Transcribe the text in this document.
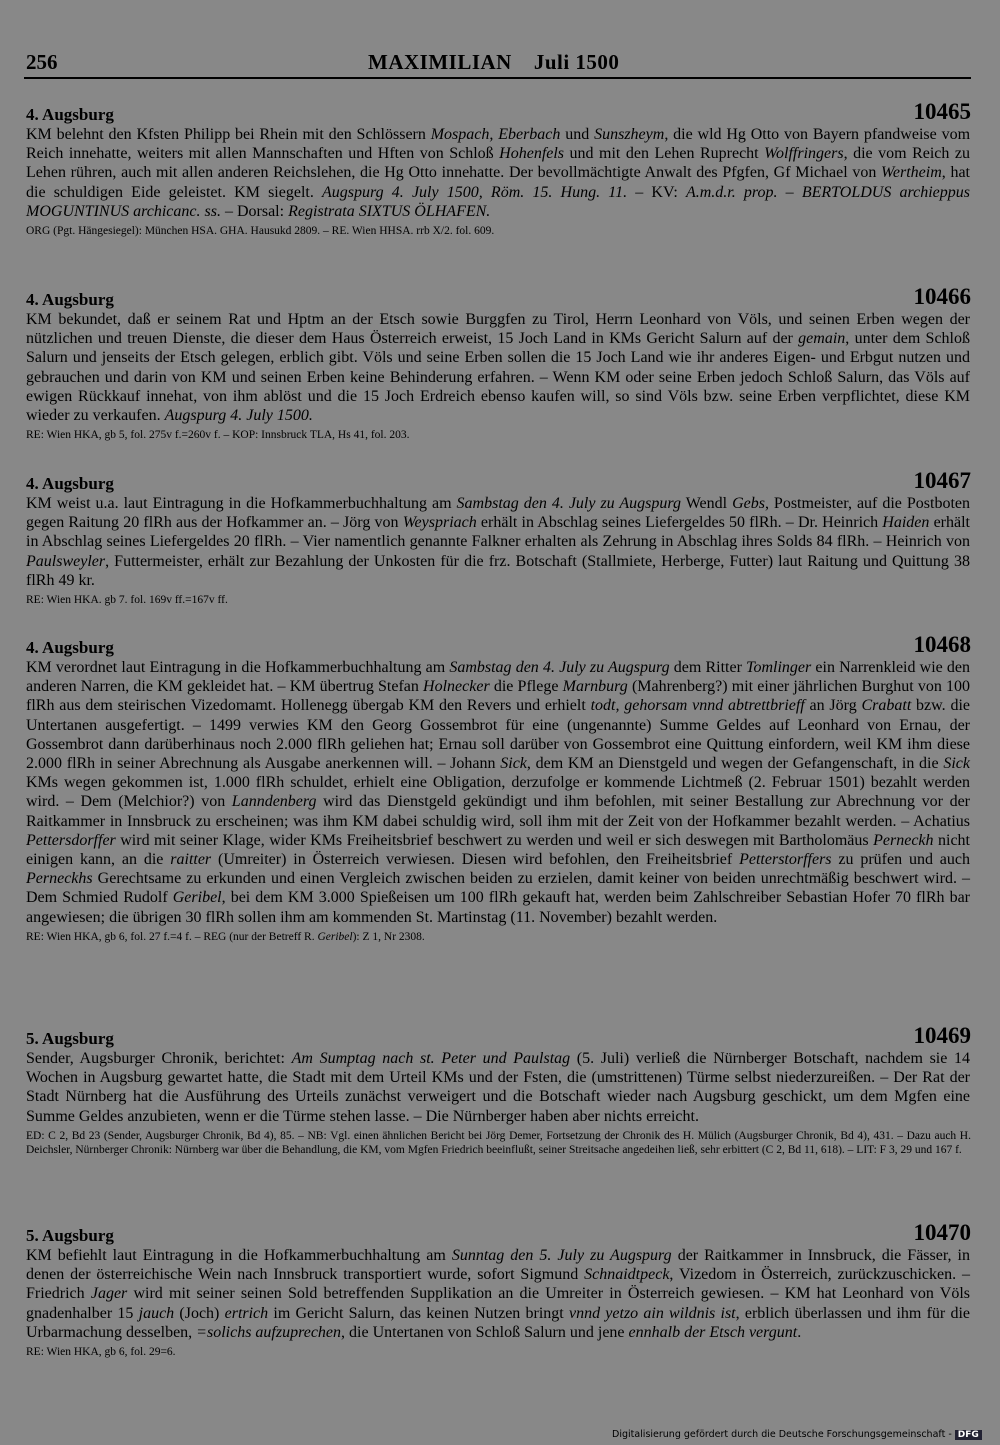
256	MAXIMILIAN Juli 1500
4. Augsburg	10465

KM belehnt den Kfsten Philipp bei Rhein mit den Schlössern Mospach, Eberbach und Sunszheym, die wld Hg Otto von Bayern pfandweise vom Reich innehatte, weiters mit allen Mannschaften und Hften von Schloß Hohenfels und mit den Lehen Ruprecht Wolffringers, die vom Reich zu Lehen rühren, auch mit allen anderen Reichslehen, die Hg Otto innehatte. Der bevollmächtigte Anwalt des Pfgfen, Gf Michael von Wertheim, hat die schuldigen Eide geleistet. KM siegelt. Augspurg 4. July 1500, Röm. 15. Hung. 11. – KV: A.m.d.r. prop. – BERTOLDUS archieppus MOGUNTINUS archicanc. ss. – Dorsal: Registrata SIXTUS ÖLHAFEN.

ORG (Pgt. Hängesiegel): München HSA. GHA. Hausukd 2809. – RE. Wien HHSA. rrb X/2. fol. 609.
4. Augsburg	10466

KM bekundet, daß er seinem Rat und Hptm an der Etsch sowie Burggfen zu Tirol, Herrn Leonhard von Völs, und seinen Erben wegen der nützlichen und treuen Dienste, die dieser dem Haus Österreich erweist, 15 Joch Land in KMs Gericht Salurn auf der gemain, unter dem Schloß Salurn und jenseits der Etsch gelegen, erblich gibt. Völs und seine Erben sollen die 15 Joch Land wie ihr anderes Eigen- und Erbgut nutzen und gebrauchen und darin von KM und seinen Erben keine Behinderung erfahren. – Wenn KM oder seine Erben jedoch Schloß Salurn, das Völs auf ewigen Rückkauf innehat, von ihm ablöst und die 15 Joch Erdreich ebenso kaufen will, so sind Völs bzw. seine Erben verpflichtet, diese KM wieder zu verkaufen. Augspurg 4. July 1500.

RE: Wien HKA, gb 5, fol. 275v f.=260v f. – KOP: Innsbruck TLA, Hs 41, fol. 203.
4. Augsburg	10467

KM weist u.a. laut Eintragung in die Hofkammerbuchhaltung am Sambstag den 4. July zu Augspurg Wendl Gebs, Postmeister, auf die Postboten gegen Raitung 20 flRh aus der Hofkammer an. – Jörg von Weyspriach erhält in Abschlag seines Liefergeldes 50 flRh. – Dr. Heinrich Haiden erhält in Abschlag seines Liefergeldes 20 flRh. – Vier namentlich genannte Falkner erhalten als Zehrung in Abschlag ihres Solds 84 flRh. – Heinrich von Paulsweyler, Futtermeister, erhält zur Bezahlung der Unkosten für die frz. Botschaft (Stallmiete, Herberge, Futter) laut Raitung und Quittung 38 flRh 49 kr.

RE: Wien HKA. gb 7. fol. 169v ff.=167v ff.
4. Augsburg	10468

KM verordnet laut Eintragung in die Hofkammerbuchhaltung am Sambstag den 4. July zu Augspurg dem Ritter Tomlinger ein Narrenkleid wie den anderen Narren, die KM gekleidet hat. – KM übertrug Stefan Holnecker die Pflege Marnburg (Mahrenberg?) mit einer jährlichen Burghut von 100 flRh aus dem steirischen Vizedomamt. Hollenegg übergab KM den Revers und erhielt todt, gehorsam vnnd abtrettbrieff an Jörg Crabatt bzw. die Untertanen ausgefertigt. – 1499 verwies KM den Georg Gossembrot für eine (ungenannte) Summe Geldes auf Leonhard von Ernau, der Gossembrot dann darüberhinaus noch 2.000 flRh geliehen hat; Ernau soll darüber von Gossembrot eine Quittung einfordern, weil KM ihm diese 2.000 flRh in seiner Abrechnung als Ausgabe anerkennen will. – Johann Sick, dem KM an Dienstgeld und wegen der Gefangenschaft, in die Sick KMs wegen gekommen ist, 1.000 flRh schuldet, erhielt eine Obligation, derzufolge er kommende Lichtmeß (2. Februar 1501) bezahlt werden wird. – Dem (Melchior?) von Lanndenberg wird das Dienstgeld gekündigt und ihm befohlen, mit seiner Bestallung zur Abrechnung vor der Raitkammer in Innsbruck zu erscheinen; was ihm KM dabei schuldig wird, soll ihm mit der Zeit von der Hofkammer bezahlt werden. – Achatius Pettersdorffer wird mit seiner Klage, wider KMs Freiheitsbrief beschwert zu werden und weil er sich deswegen mit Bartholomäus Perneckh nicht einigen kann, an die raitter (Umreiter) in Österreich verwiesen. Diesen wird befohlen, den Freiheitsbrief Petterstorffers zu prüfen und auch Perneckhs Gerechtsame zu erkunden und einen Vergleich zwischen beiden zu erzielen, damit keiner von beiden unrechtmäßig beschwert wird. – Dem Schmied Rudolf Geribel, bei dem KM 3.000 Spießeisen um 100 flRh gekauft hat, werden beim Zahlschreiber Sebastian Hofer 70 flRh bar angewiesen; die übrigen 30 flRh sollen ihm am kommenden St. Martinstag (11. November) bezahlt werden.

RE: Wien HKA, gb 6, fol. 27 f.=4 f. – REG (nur der Betreff R. Geribel): Z 1, Nr 2308.
5. Augsburg	10469

Sender, Augsburger Chronik, berichtet: Am Sumptag nach st. Peter und Paulstag (5. Juli) verließ die Nürnberger Botschaft, nachdem sie 14 Wochen in Augsburg gewartet hatte, die Stadt mit dem Urteil KMs und der Fsten, die (umstrittenen) Türme selbst niederzureißen. – Der Rat der Stadt Nürnberg hat die Ausführung des Urteils zunächst verweigert und die Botschaft wieder nach Augsburg geschickt, um dem Mgfen eine Summe Geldes anzubieten, wenn er die Türme stehen lasse. – Die Nürnberger haben aber nichts erreicht.

ED: C 2, Bd 23 (Sender, Augsburger Chronik, Bd 4), 85. – NB: Vgl. einen ähnlichen Bericht bei Jörg Demer, Fortsetzung der Chronik des H. Mülich (Augsburger Chronik, Bd 4), 431. – Dazu auch H. Deichsler, Nürnberger Chronik: Nürnberg war über die Behandlung, die KM, vom Mgfen Friedrich beeinflußt, seiner Streitsache angedeihen ließ, sehr erbittert (C 2, Bd 11, 618). – LIT: F 3, 29 und 167 f.
5. Augsburg	10470

KM befiehlt laut Eintragung in die Hofkammerbuchhaltung am Sunntag den 5. July zu Augspurg der Raitkammer in Innsbruck, die Fässer, in denen der österreichische Wein nach Innsbruck transportiert wurde, sofort Sigmund Schnaidtpeck, Vizedom in Österreich, zurückzuschicken. – Friedrich Jager wird mit seiner seinen Sold betreffenden Supplikation an die Umreiter in Österreich gewiesen. – KM hat Leonhard von Völs gnadenhalber 15 jauch (Joch) ertrich im Gericht Salurn, das keinen Nutzen bringt vnnd yetzo ain wildnis ist, erblich überlassen und ihm für die Urbarmachung desselben, =solichs aufzuprechen, die Untertanen von Schloß Salurn und jene ennhalb der Etsch vergunt.

RE: Wien HKA, gb 6, fol. 29=6.
Digitalisierung gefördert durch die Deutsche Forschungsgemeinschaft - DFG
